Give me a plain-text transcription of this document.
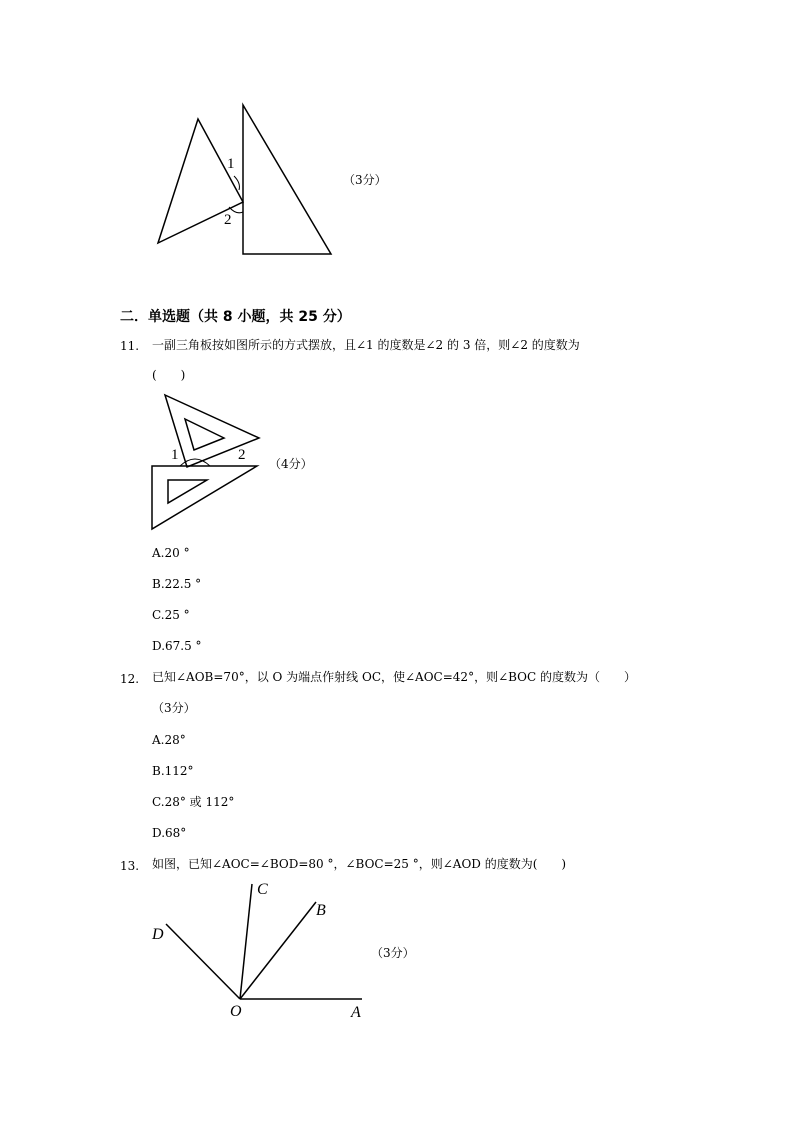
1
2
（3分）
二．单选题（共 8 小题，共 25 分）
11. 一副三角板按如图所示的方式摆放，且∠1 的度数是∠2 的 3 倍，则∠2 的度数为
(　　)
1	2
（4分）
A.20 °
B.22.5 °
C.25 °
D.67.5 °
12. 已知∠AOB=70°，以 O 为端点作射线 OC，使∠AOC=42°，则∠BOC 的度数为（　　）
（3分）
A.28°
B.112°
C.28° 或 112°
D.68°
13. 如图，已知∠AOC=∠BOD=80 °，∠BOC=25 °，则∠AOD 的度数为(　　)
C
B
D
O	A
（3分）
